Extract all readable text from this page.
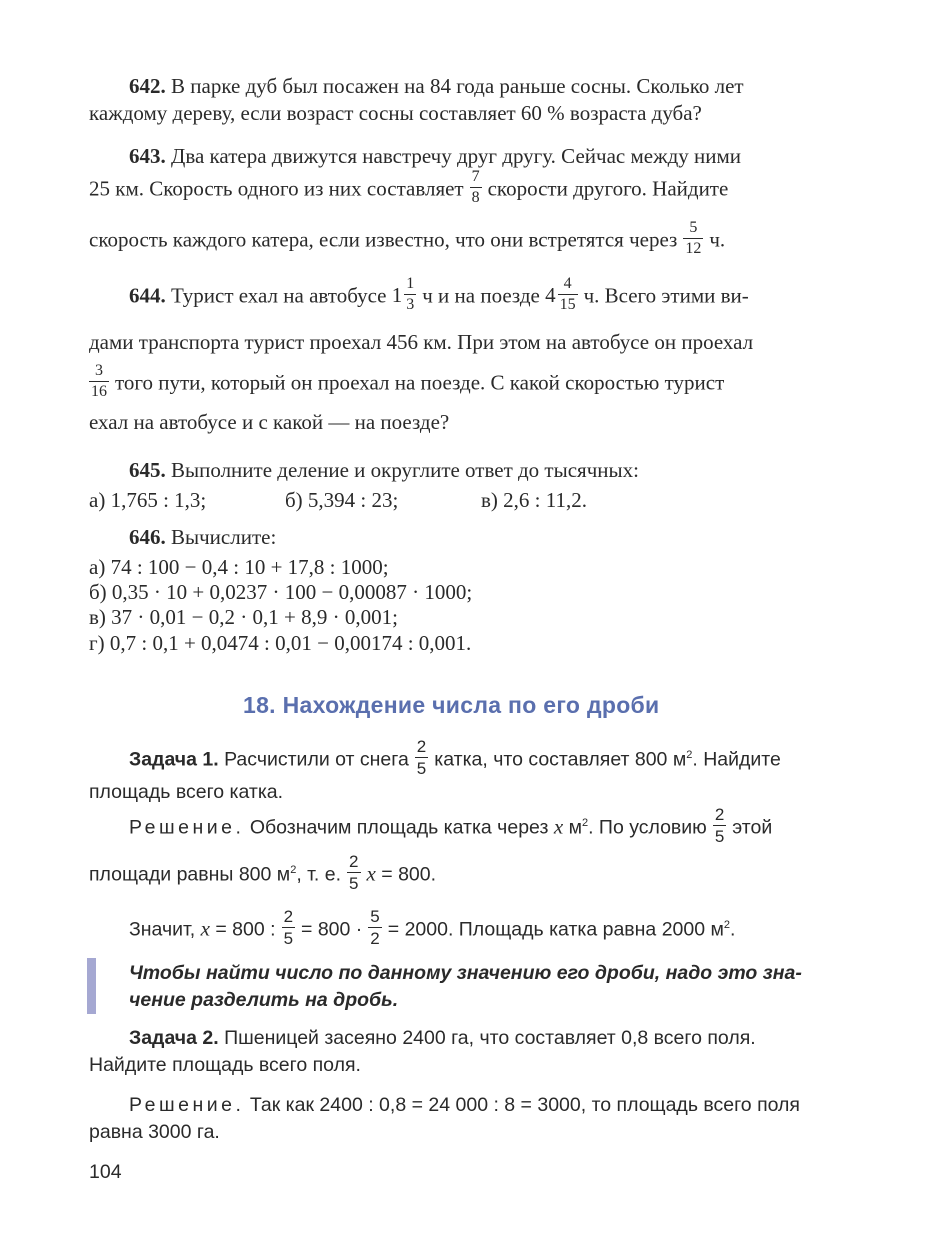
642. В парке дуб был посажен на 84 года раньше сосны. Сколько лет

каждому дереву, если возраст сосны составляет 60 % возраста дуба?

643. Два катера движутся навстречу друг другу. Сейчас между ними

25 км. Скорость одного из них составляет $\frac{7}{8}$ скорости другого. Найдите

скорость каждого катера, если известно, что они встретятся через $\frac{5}{12} ч$.

644. Турист ехал на автобусе $1 \frac{1}{3}$ ч и на поезде $4 \frac{4}{15} ч$. Всего этими ви-

дами транспорта турист проехал 456 км. При этом на автобусе он проехал

$\frac{3}{16}$ того пути, который он проехал на поезде. С какой скоростью турист

ехал на автобусе и с какой — на поезде?

645. Выполните деление и округлите ответ до тысячных:

а) 1,765 : 1,3;	б) 5,394 : 23;	в) 2,6 : 11,2.

646. Вычислите:

а) 74 : 100 − 0,4 : 10 + 17,8 : 1000;

б) 0,35 · 10 + 0,0237 · 100 − 0,00087 · 1000;

в) 37 · 0,01 − 0,2 · 0,1 + 8,9 · 0,001;

г) 0,7 : 0,1 + 0,0474 : 0,01 − 0,00174 : 0,001.

18. Нахождение числа по его дроби

Задача 1. Расчистили от снега $\frac{2}{5}$ катка, что составляет 800 $м^2$. Найдите

площадь всего катка.

Решение. Обозначим площадь катка через x $м^2$. По условию $\frac{2}{5}$ этой

площади равны 800 $м^2$, т. е. $\frac{2}{5}$ x = 800.

Значит, x = 800 : $\frac{2}{5} = 800 \cdot \frac{5}{2} = 2000$. Площадь катка равна 2000 $м^2$.

Чтобы найти число по данному значению его дроби, надо это зна-

чение разделить на дробь.

Задача 2. Пшеницей засеяно 2400 га, что составляет 0,8 всего поля.

Найдите площадь всего поля.

Решение. Так как 2400 : 0,8 = 24 000 : 8 = 3000, то площадь всего поля

равна 3000 га.

104
